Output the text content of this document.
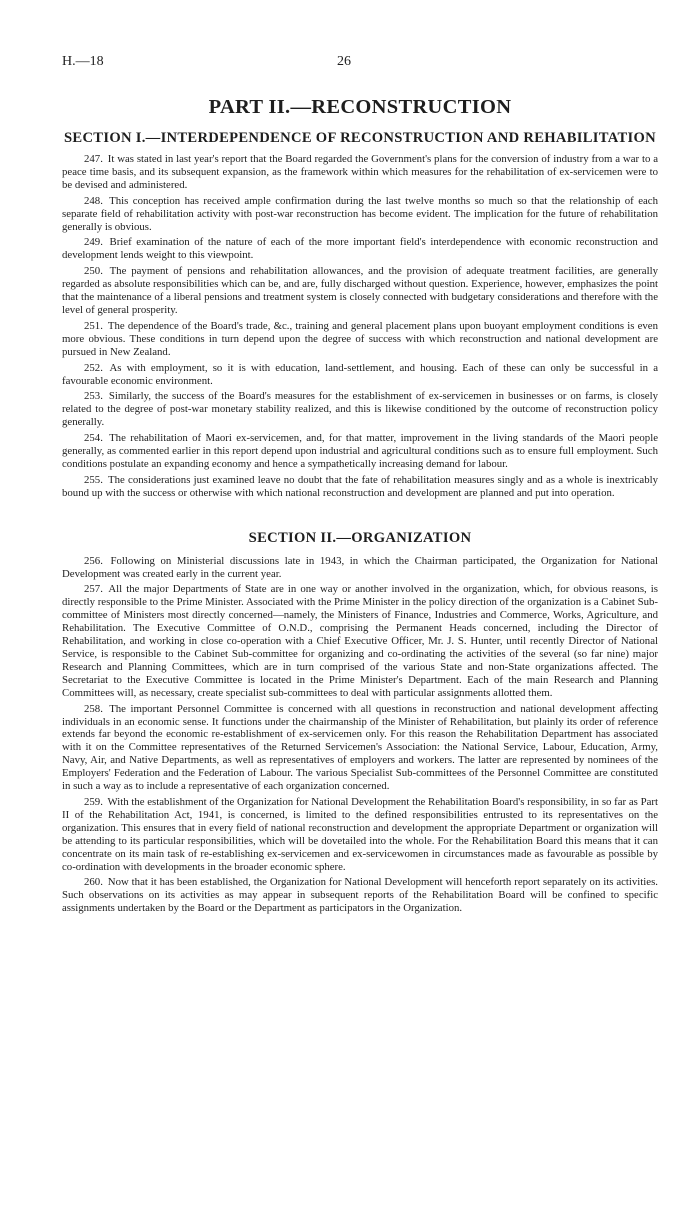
H.—18	26
PART II.—RECONSTRUCTION
SECTION I.—INTERDEPENDENCE OF RECONSTRUCTION AND REHABILITATION

247. It was stated in last year's report that the Board regarded the Government's plans for the conversion of industry from a war to a peace time basis, and its subsequent expansion, as the framework within which measures for the rehabilitation of ex-servicemen were to be devised and administered.

248. This conception has received ample confirmation during the last twelve months so much so that the relationship of each separate field of rehabilitation activity with post-war reconstruction has become evident. The implication for the future of rehabilitation generally is obvious.

249. Brief examination of the nature of each of the more important field's interdependence with economic reconstruction and development lends weight to this viewpoint.

250. The payment of pensions and rehabilitation allowances, and the provision of adequate treatment facilities, are generally regarded as absolute responsibilities which can be, and are, fully discharged without question. Experience, however, emphasizes the point that the maintenance of a liberal pensions and treatment system is closely connected with budgetary considerations and therefore with the level of general prosperity.

251. The dependence of the Board's trade, &c., training and general placement plans upon buoyant employment conditions is even more obvious. These conditions in turn depend upon the degree of success with which reconstruction and national development are pursued in New Zealand.

252. As with employment, so it is with education, land-settlement, and housing. Each of these can only be successful in a favourable economic environment.

253. Similarly, the success of the Board's measures for the establishment of ex-servicemen in businesses or on farms, is closely related to the degree of post-war monetary stability realized, and this is likewise conditioned by the outcome of reconstruction policy generally.

254. The rehabilitation of Maori ex-servicemen, and, for that matter, improvement in the living standards of the Maori people generally, as commented earlier in this report depend upon industrial and agricultural conditions such as to ensure full employment. Such conditions postulate an expanding economy and hence a sympathetically increasing demand for labour.

255. The considerations just examined leave no doubt that the fate of rehabilitation measures singly and as a whole is inextricably bound up with the success or otherwise with which national reconstruction and development are planned and put into operation.

SECTION II.—ORGANIZATION

256. Following on Ministerial discussions late in 1943, in which the Chairman participated, the Organization for National Development was created early in the current year.

257. All the major Departments of State are in one way or another involved in the organization, which, for obvious reasons, is directly responsible to the Prime Minister. Associated with the Prime Minister in the policy direction of the organization is a Cabinet Sub-committee of Ministers most directly concerned—namely, the Ministers of Finance, Industries and Commerce, Works, Agriculture, and Rehabilitation. The Executive Committee of O.N.D., comprising the Permanent Heads concerned, including the Director of Rehabilitation, and working in close co-operation with a Chief Executive Officer, Mr. J. S. Hunter, until recently Director of National Service, is responsible to the Cabinet Sub-committee for organizing and co-ordinating the activities of the several (so far nine) major Research and Planning Committees, which are in turn comprised of the various State and non-State organizations affected. The Secretariat to the Executive Committee is located in the Prime Minister's Department. Each of the main Research and Planning Committees will, as necessary, create specialist sub-committees to deal with particular assignments allotted them.

258. The important Personnel Committee is concerned with all questions in reconstruction and national development affecting individuals in an economic sense. It functions under the chairmanship of the Minister of Rehabilitation, but plainly its order of reference extends far beyond the economic re-establishment of ex-servicemen only. For this reason the Rehabilitation Department has associated with it on the Committee representatives of the Returned Servicemen's Association: the National Service, Labour, Education, Army, Navy, Air, and Native Departments, as well as representatives of employers and workers. The latter are represented by nominees of the Employers' Federation and the Federation of Labour. The various Specialist Sub-committees of the Personnel Committee are constituted in such a way as to include a representative of each organization concerned.

259. With the establishment of the Organization for National Development the Rehabilitation Board's responsibility, in so far as Part II of the Rehabilitation Act, 1941, is concerned, is limited to the defined responsibilities entrusted to its representatives on the organization. This ensures that in every field of national reconstruction and development the appropriate Department or organization will be attending to its particular responsibilities, which will be dovetailed into the whole. For the Rehabilitation Board this means that it can concentrate on its main task of re-establishing ex-servicemen and ex-servicewomen in circumstances made as favourable as possible by co-ordination with developments in the broader economic sphere.

260. Now that it has been established, the Organization for National Development will henceforth report separately on its activities. Such observations on its activities as may appear in subsequent reports of the Rehabilitation Board will be confined to specific assignments undertaken by the Board or the Department as participators in the Organization.
